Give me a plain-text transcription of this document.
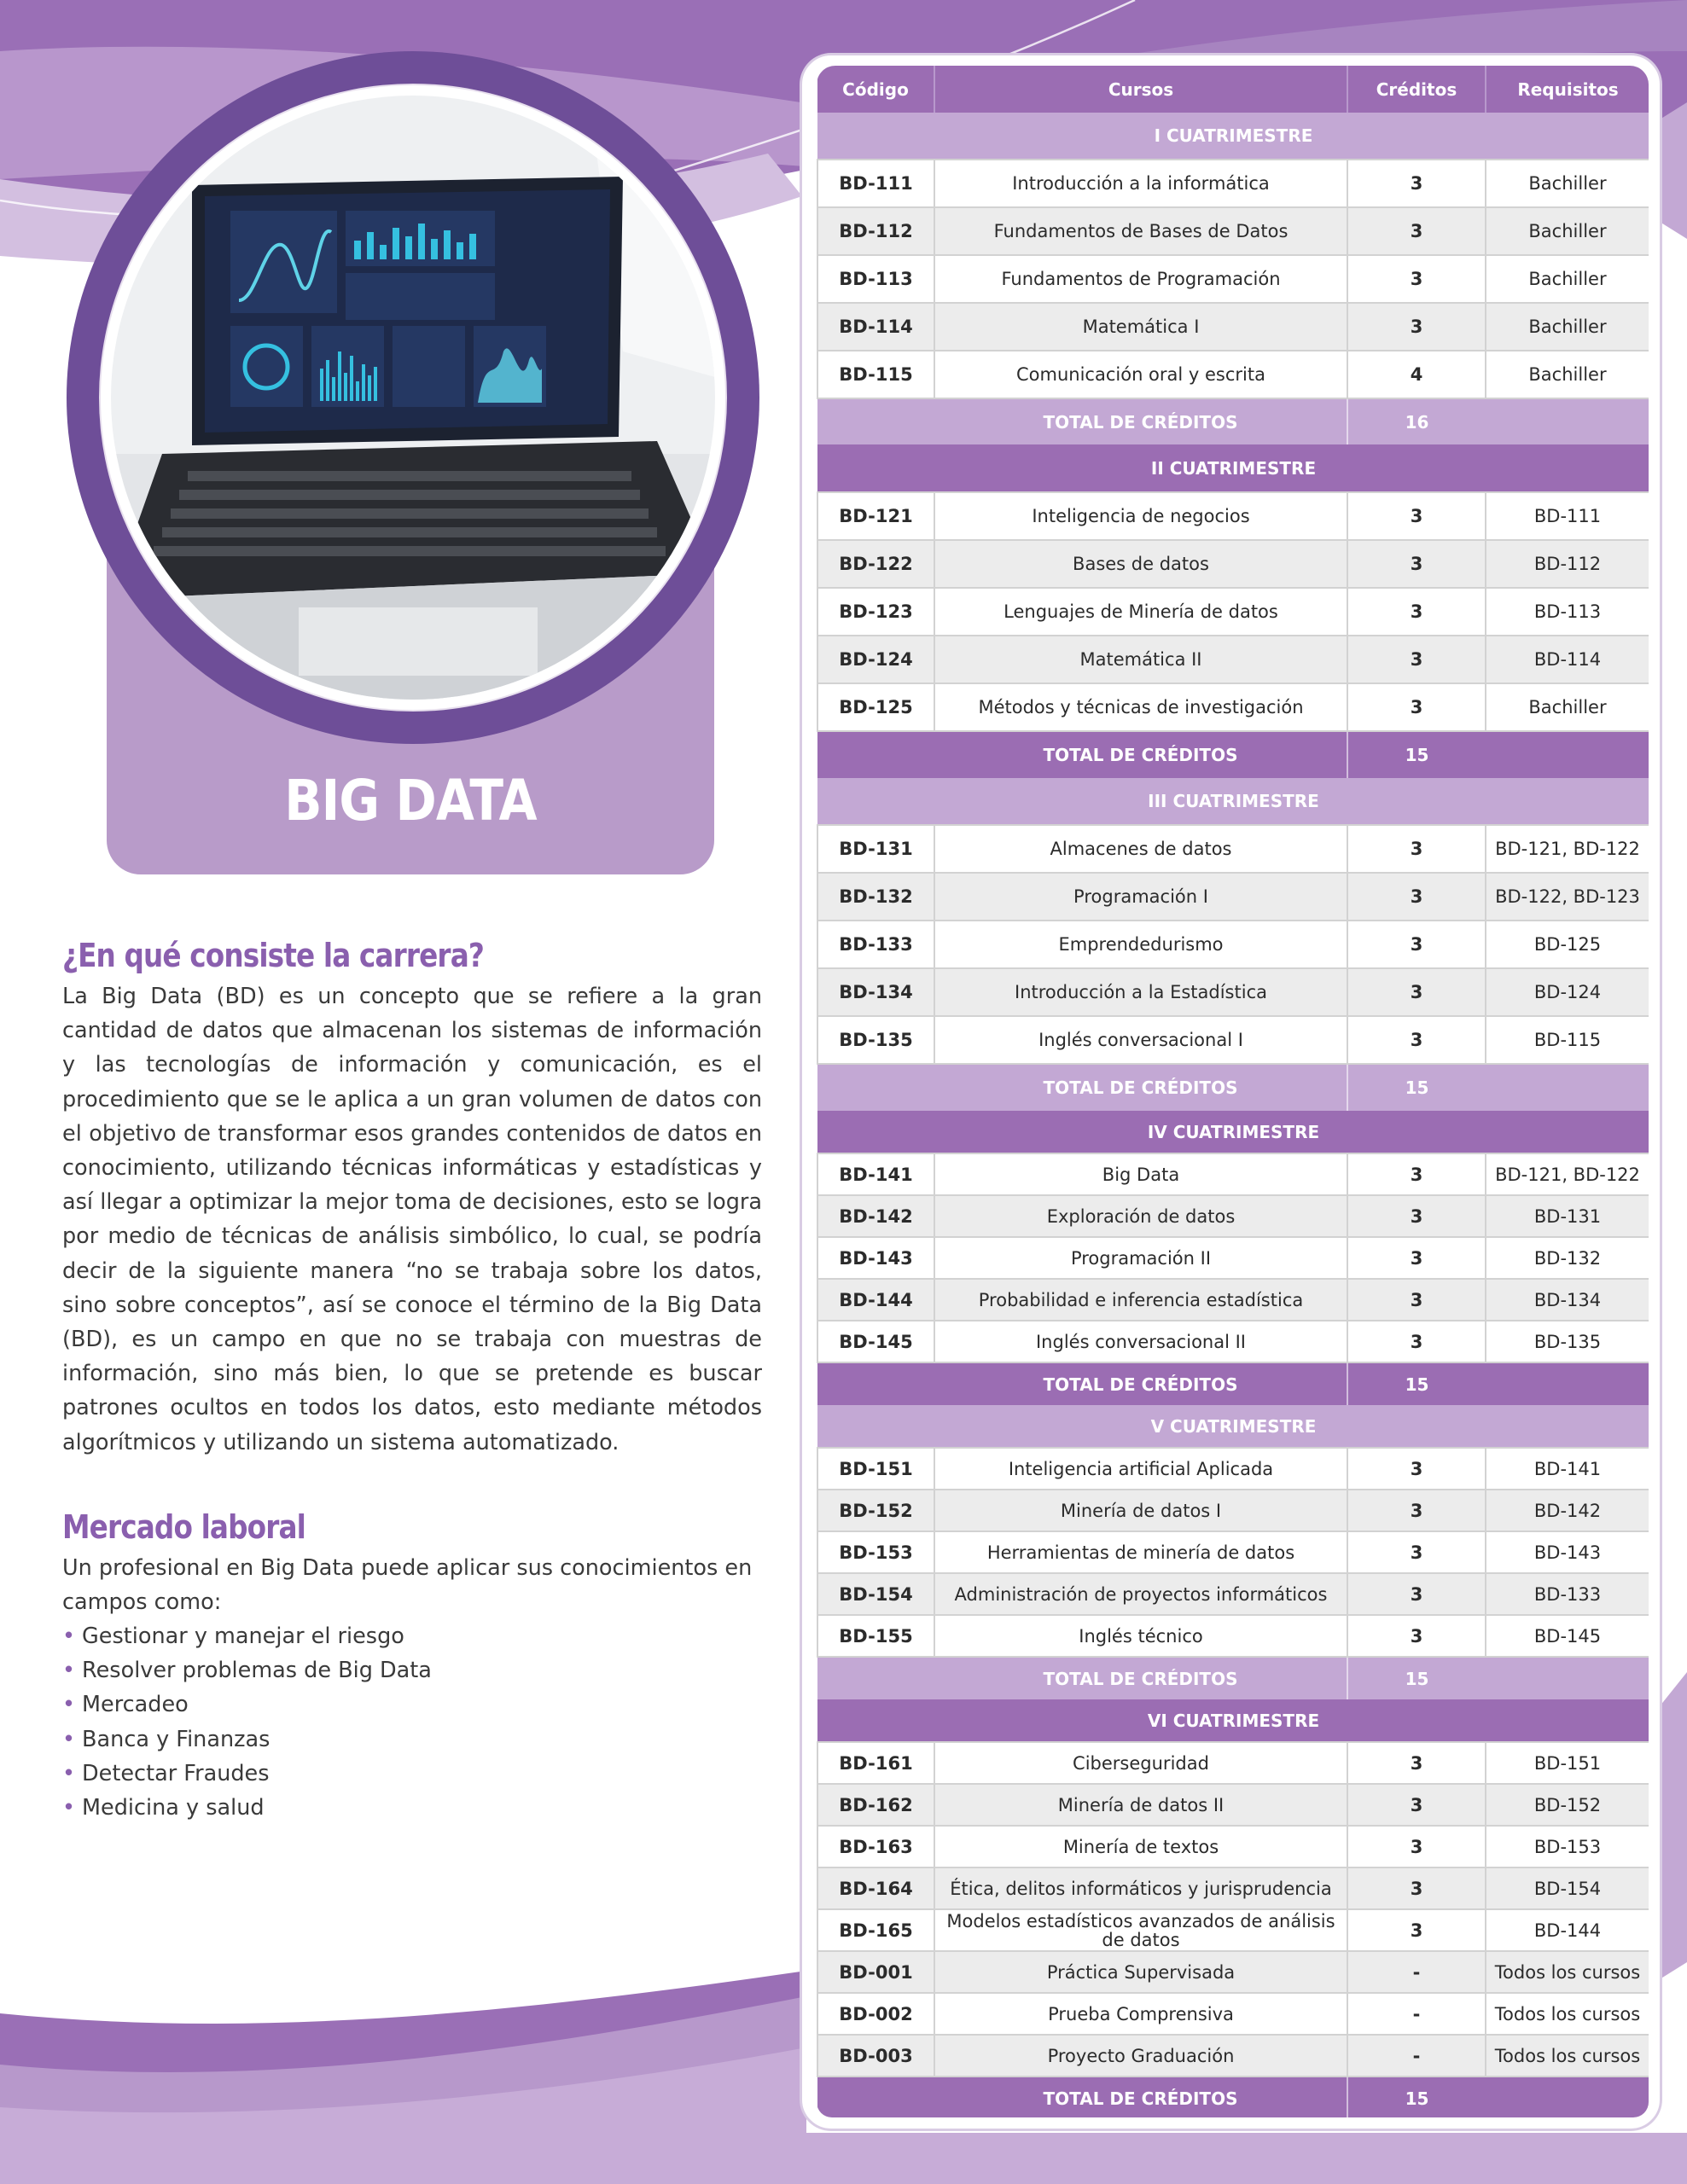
BIG DATA
¿En qué consiste la carrera?

La Big Data (BD) es un concepto que se refiere a la gran cantidad de datos que almacenan los sistemas de información y las tecnologías de información y comunicación, es el procedimiento que se le aplica a un gran volumen de datos con el objetivo de transformar esos grandes contenidos de datos en conocimiento, utilizando técnicas informáticas y estadísticas y así llegar a optimizar la mejor toma de decisiones, esto se logra por medio de técnicas de análisis simbólico, lo cual, se podría decir de la siguiente manera “no se trabaja sobre los datos, sino sobre conceptos”, así se conoce el término de la Big Data (BD), es un campo en que no se trabaja con muestras de información, sino más bien, lo que se pretende es buscar patrones ocultos en todos los datos, esto mediante métodos algorítmicos y utilizando un sistema automatizado.

Mercado laboral

Un profesional en Big Data puede aplicar sus conocimientos en campos como:

• Gestionar y manejar el riesgo
• Resolver problemas de Big Data
• Mercadeo
• Banca y Finanzas
• Detectar Fraudes
• Medicina y salud
Código	Cursos	Créditos	Requisitos
I CUATRIMESTRE			
BD-111	Introducción a la informática	3	Bachiller
BD-112	Fundamentos de Bases de Datos	3	Bachiller
BD-113	Fundamentos de Programación	3	Bachiller
BD-114	Matemática I	3	Bachiller
BD-115	Comunicación oral y escrita	4	Bachiller
	TOTAL DE CRÉDITOS	16	
II CUATRIMESTRE			
BD-121	Inteligencia de negocios	3	BD-111
BD-122	Bases de datos	3	BD-112
BD-123	Lenguajes de Minería de datos	3	BD-113
BD-124	Matemática II	3	BD-114
BD-125	Métodos y técnicas de investigación	3	Bachiller
	TOTAL DE CRÉDITOS	15	
III CUATRIMESTRE			
BD-131	Almacenes de datos	3	BD-121, BD-122
BD-132	Programación I	3	BD-122, BD-123
BD-133	Emprendedurismo	3	BD-125
BD-134	Introducción a la Estadística	3	BD-124
BD-135	Inglés conversacional I	3	BD-115
	TOTAL DE CRÉDITOS	15	
IV CUATRIMESTRE			
BD-141	Big Data	3	BD-121, BD-122
BD-142	Exploración de datos	3	BD-131
BD-143	Programación II	3	BD-132
BD-144	Probabilidad e inferencia estadística	3	BD-134
BD-145	Inglés conversacional II	3	BD-135
	TOTAL DE CRÉDITOS	15	
V CUATRIMESTRE			
BD-151	Inteligencia artificial Aplicada	3	BD-141
BD-152	Minería de datos I	3	BD-142
BD-153	Herramientas de minería de datos	3	BD-143
BD-154	Administración de proyectos informáticos	3	BD-133
BD-155	Inglés técnico	3	BD-145
	TOTAL DE CRÉDITOS	15	
VI CUATRIMESTRE			
BD-161	Ciberseguridad	3	BD-151
BD-162	Minería de datos II	3	BD-152
BD-163	Minería de textos	3	BD-153
BD-164	Ética, delitos informáticos y jurisprudencia	3	BD-154
BD-165	Modelos estadísticos avanzados de análisis de datos	3	BD-144
BD-001	Práctica Supervisada	-	Todos los cursos
BD-002	Prueba Comprensiva	-	Todos los cursos
BD-003	Proyecto Graduación	-	Todos los cursos
	TOTAL DE CRÉDITOS	15	
